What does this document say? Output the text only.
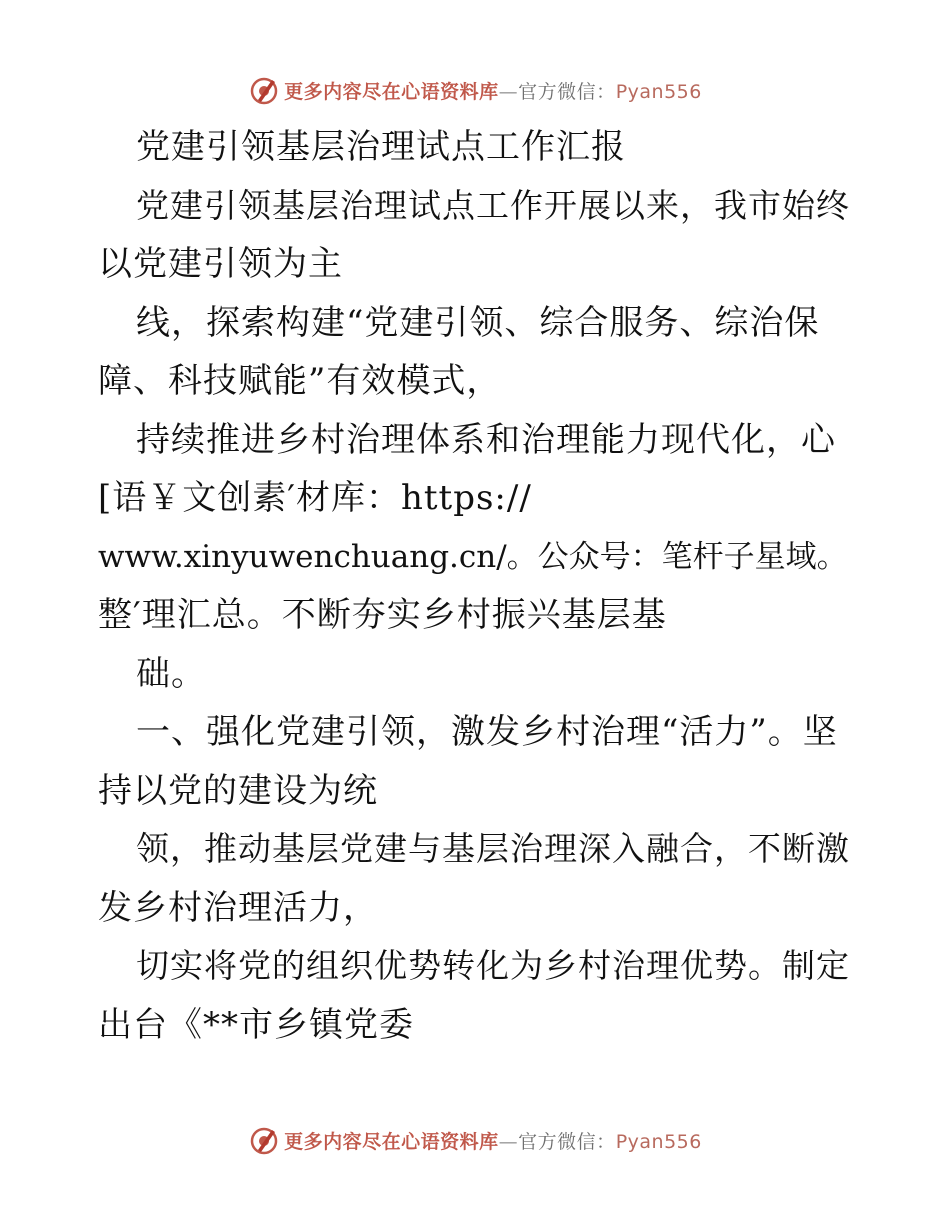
更多内容尽在心语资料库—官方微信：Pyan556
党建引领基层治理试点工作汇报
党建引领基层治理试点工作开展以来，我市始终
以党建引领为主
线，探索构建“党建引领、综合服务、综治保
障、科技赋能”有效模式，
持续推进乡村治理体系和治理能力现代化，心
[语￥文创素′材库：https://
www.xinyuwenchuang.cn/。公众号：笔杆子星域。
整′理汇总。不断夯实乡村振兴基层基
础。
一、强化党建引领，激发乡村治理“活力”。坚
持以党的建设为统
领，推动基层党建与基层治理深入融合，不断激
发乡村治理活力，
切实将党的组织优势转化为乡村治理优势。制定
出台《**市乡镇党委
更多内容尽在心语资料库—官方微信：Pyan556
